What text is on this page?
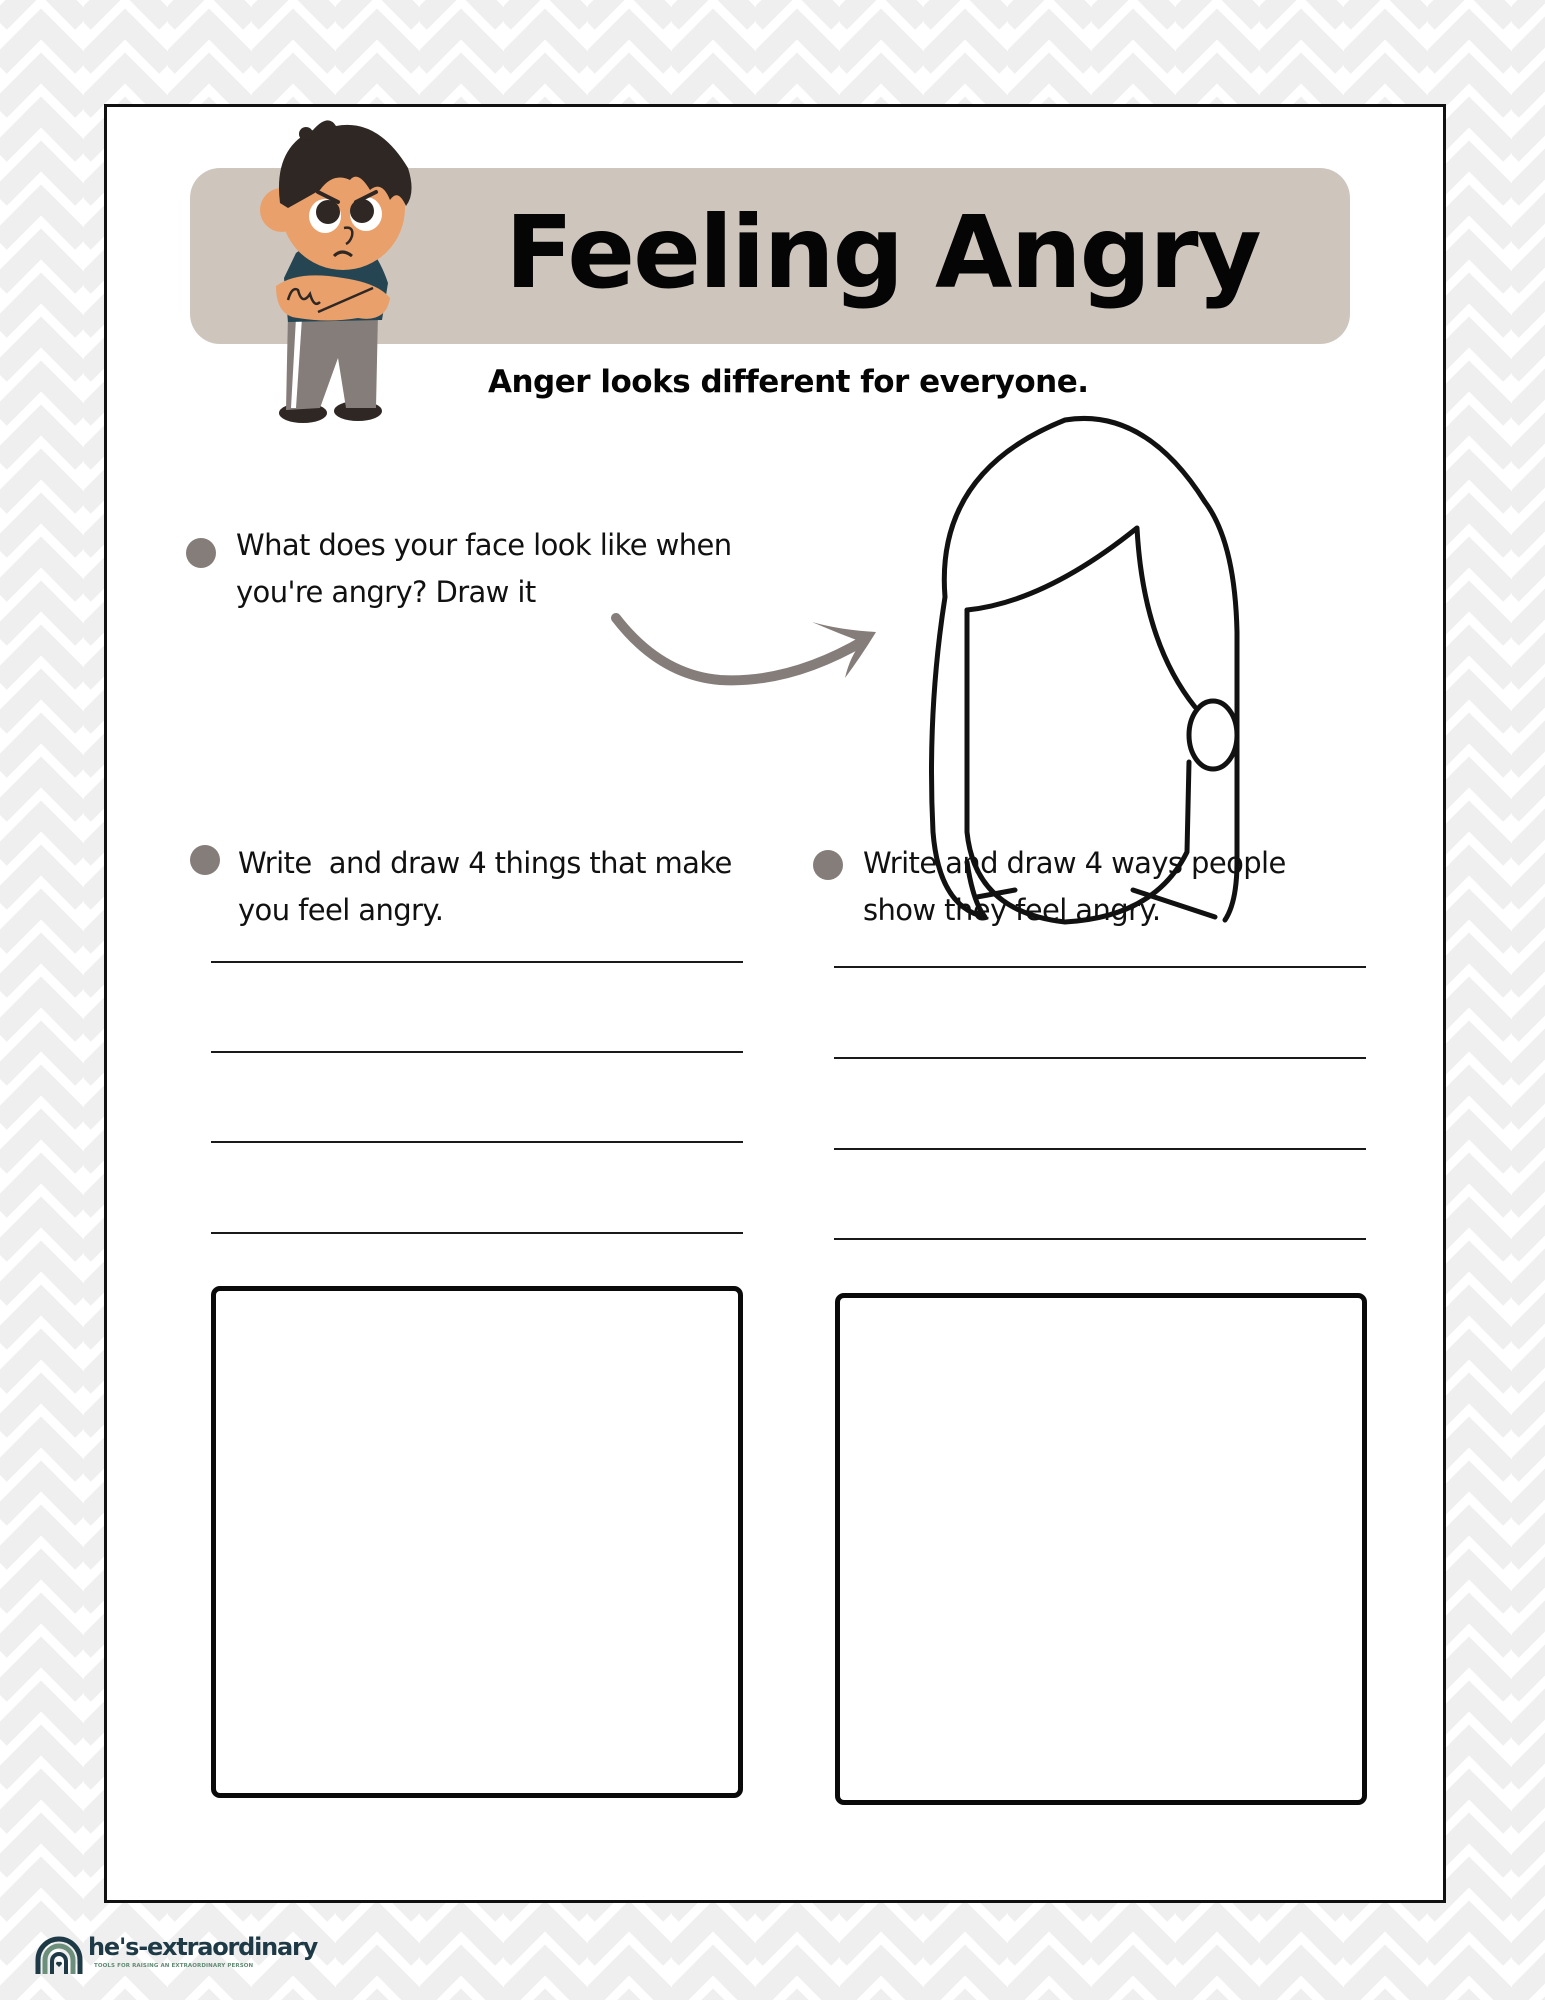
Feeling Angry
Anger looks different for everyone.
What does your face look like when
you're angry? Draw it
Write  and draw 4 things that make
you feel angry.
Write and draw 4 ways people
show they feel angry.
he's-extraordinary
TOOLS FOR RAISING AN EXTRAORDINARY PERSON
